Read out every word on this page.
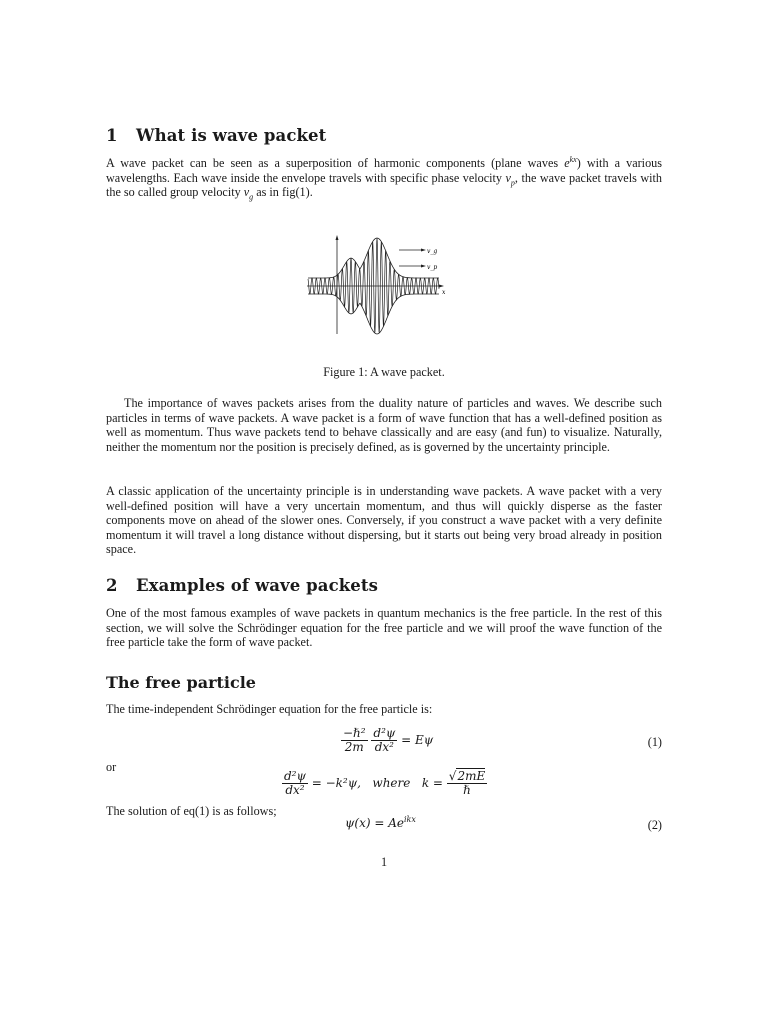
1 What is wave packet

A wave packet can be seen as a superposition of harmonic components (plane waves $e^{kx}$) with a various wavelengths. Each wave inside the envelope travels with specific phase velocity $v_p$, the wave packet travels with the so called group velocity $v_g$ as in fig(1).

v_g
v_p
x
Figure 1: A wave packet.

The importance of waves packets arises from the duality nature of particles and waves. We describe such particles in terms of wave packets. A wave packet is a form of wave function that has a well-defined position as well as momentum. Thus wave packets tend to behave classically and are easy (and fun) to visualize. Naturally, neither the momentum nor the position is precisely defined, as is governed by the uncertainty principle.

A classic application of the uncertainty principle is in understanding wave packets. A wave packet with a very well-defined position will have a very uncertain momentum, and thus will quickly disperse as the faster components move on ahead of the slower ones. Conversely, if you construct a wave packet with a very definite momentum it will travel a long distance without dispersing, but it starts out being very broad already in position space.

2 Examples of wave packets

One of the most famous examples of wave packets in quantum mechanics is the free particle. In the rest of this section, we will solve the Schrödinger equation for the free particle and we will proof the wave function of the free particle take the form of wave packet.

The free particle

The time-independent Schrödinger equation for the free particle is:

$\frac{\text{−ℏ²}}{2m}$
$\frac{\text{d²ψ}}{\text{dx²}} = E\psi$	(1)

or

$\frac{\text{d²ψ}}{\text{dx²}} = -k^2\psi$, where $k = \frac{√2mE}{\text{ℏ}}$

The solution of eq(1) is as follows;

$\psi(x) = Ae^{ikx}$	(2)
1
